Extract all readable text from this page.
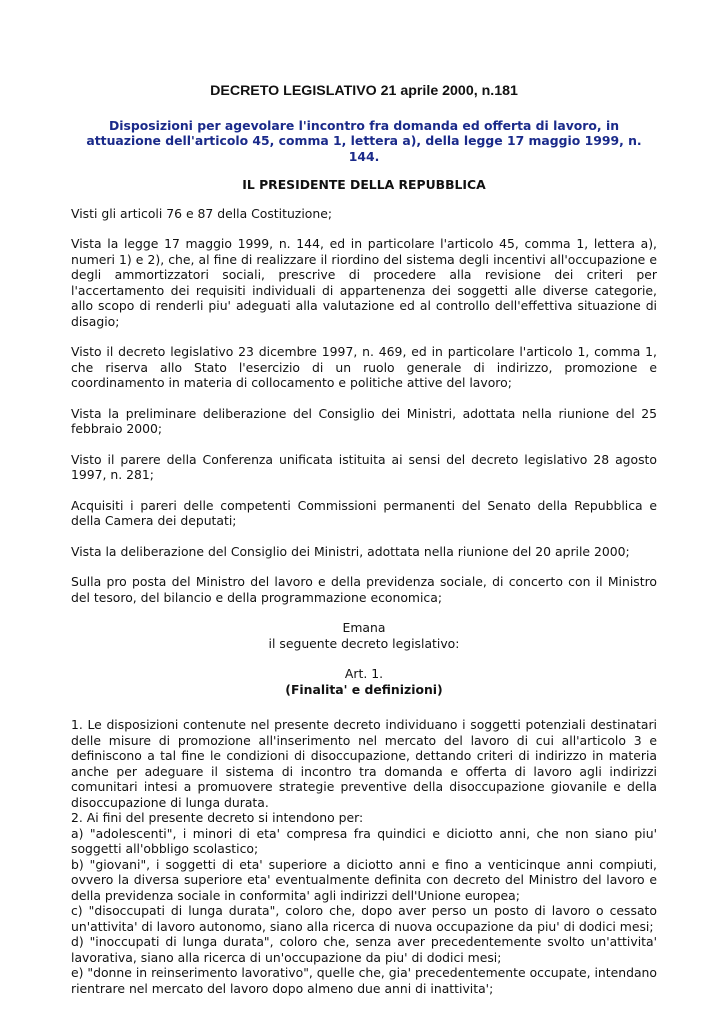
DECRETO LEGISLATIVO 21 aprile 2000, n.181
Disposizioni per agevolare l'incontro fra domanda ed offerta di lavoro, in attuazione dell'articolo 45, comma 1, lettera a), della legge 17 maggio 1999, n. 144.
IL PRESIDENTE DELLA REPUBBLICA

Visti gli articoli 76 e 87 della Costituzione;

Vista la legge 17 maggio 1999, n. 144, ed in particolare l'articolo 45, comma 1, lettera a), numeri 1) e 2), che, al fine di realizzare il riordino del sistema degli incentivi all'occupazione e degli ammortizzatori sociali, prescrive di procedere alla revisione dei criteri per l'accertamento dei requisiti individuali di appartenenza dei soggetti alle diverse categorie, allo scopo di renderli piu' adeguati alla valutazione ed al controllo dell'effettiva situazione di disagio;

Visto il decreto legislativo 23 dicembre 1997, n. 469, ed in particolare l'articolo 1, comma 1, che riserva allo Stato l'esercizio di un ruolo generale di indirizzo, promozione e coordinamento in materia di collocamento e politiche attive del lavoro;

Vista la preliminare deliberazione del Consiglio dei Ministri, adottata nella riunione del 25 febbraio 2000;

Visto il parere della Conferenza unificata istituita ai sensi del decreto legislativo 28 agosto 1997, n. 281;

Acquisiti i pareri delle competenti Commissioni permanenti del Senato della Repubblica e della Camera dei deputati;

Vista la deliberazione del Consiglio dei Ministri, adottata nella riunione del 20 aprile 2000;

Sulla pro posta del Ministro del lavoro e della previdenza sociale, di concerto con il Ministro del tesoro, del bilancio e della programmazione economica;

Emana
il seguente decreto legislativo:
Art. 1.
(Finalita' e definizioni)

1. Le disposizioni contenute nel presente decreto individuano i soggetti potenziali destinatari delle misure di promozione all'inserimento nel mercato del lavoro di cui all'articolo 3 e definiscono a tal fine le condizioni di disoccupazione, dettando criteri di indirizzo in materia anche per adeguare il sistema di incontro tra domanda e offerta di lavoro agli indirizzi comunitari intesi a promuovere strategie preventive della disoccupazione giovanile e della disoccupazione di lunga durata.

2. Ai fini del presente decreto si intendono per:

a) "adolescenti", i minori di eta' compresa fra quindici e diciotto anni, che non siano piu' soggetti all'obbligo scolastico;

b) "giovani", i soggetti di eta' superiore a diciotto anni e fino a venticinque anni compiuti, ovvero la diversa superiore eta' eventualmente definita con decreto del Ministro del lavoro e della previdenza sociale in conformita' agli indirizzi dell'Unione europea;

c) "disoccupati di lunga durata", coloro che, dopo aver perso un posto di lavoro o cessato un'attivita' di lavoro autonomo, siano alla ricerca di nuova occupazione da piu' di dodici mesi;

d) "inoccupati di lunga durata", coloro che, senza aver precedentemente svolto un'attivita' lavorativa, siano alla ricerca di un'occupazione da piu' di dodici mesi;

e) "donne in reinserimento lavorativo", quelle che, gia' precedentemente occupate, intendano rientrare nel mercato del lavoro dopo almeno due anni di inattivita';
